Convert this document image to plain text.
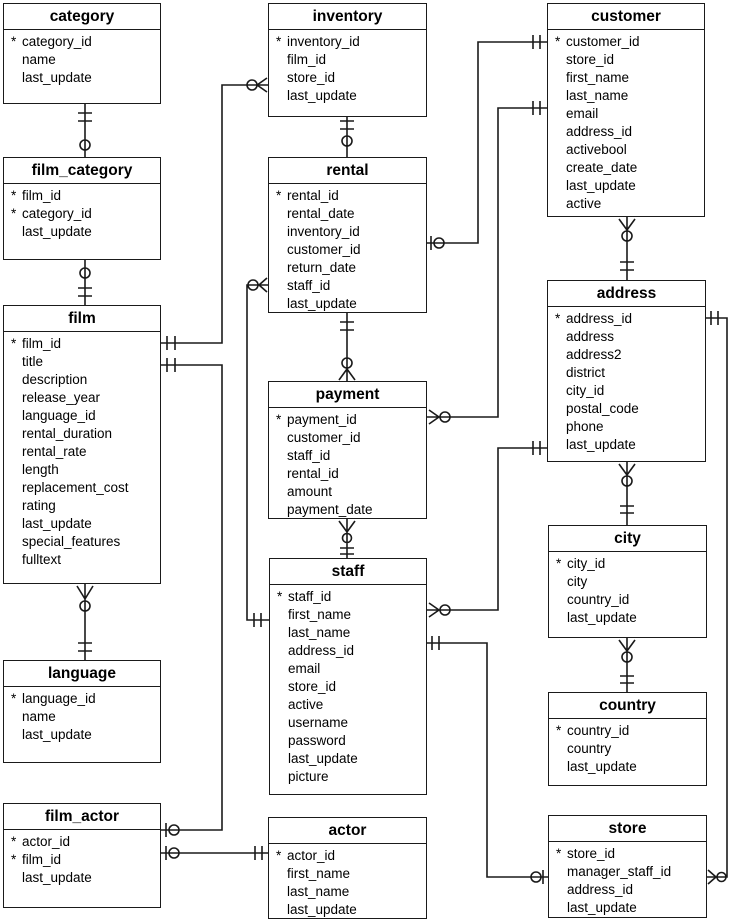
category
* category_id
name
last_update
film_category
* film_id
* category_id
last_update
film
* film_id
title
description
release_year
language_id
rental_duration
rental_rate
length
replacement_cost
rating
last_update
special_features
fulltext
language
* language_id
name
last_update
film_actor
* actor_id
* film_id
last_update
inventory
* inventory_id
film_id
store_id
last_update
rental
* rental_id
rental_date
inventory_id
customer_id
return_date
staff_id
last_update
payment
* payment_id
customer_id
staff_id
rental_id
amount
payment_date
staff
* staff_id
first_name
last_name
address_id
email
store_id
active
username
password
last_update
picture
actor
* actor_id
first_name
last_name
last_update
customer
* customer_id
store_id
first_name
last_name
email
address_id
activebool
create_date
last_update
active
address
* address_id
address
address2
district
city_id
postal_code
phone
last_update
city
* city_id
city
country_id
last_update
country
* country_id
country
last_update
store
* store_id
manager_staff_id
address_id
last_update
